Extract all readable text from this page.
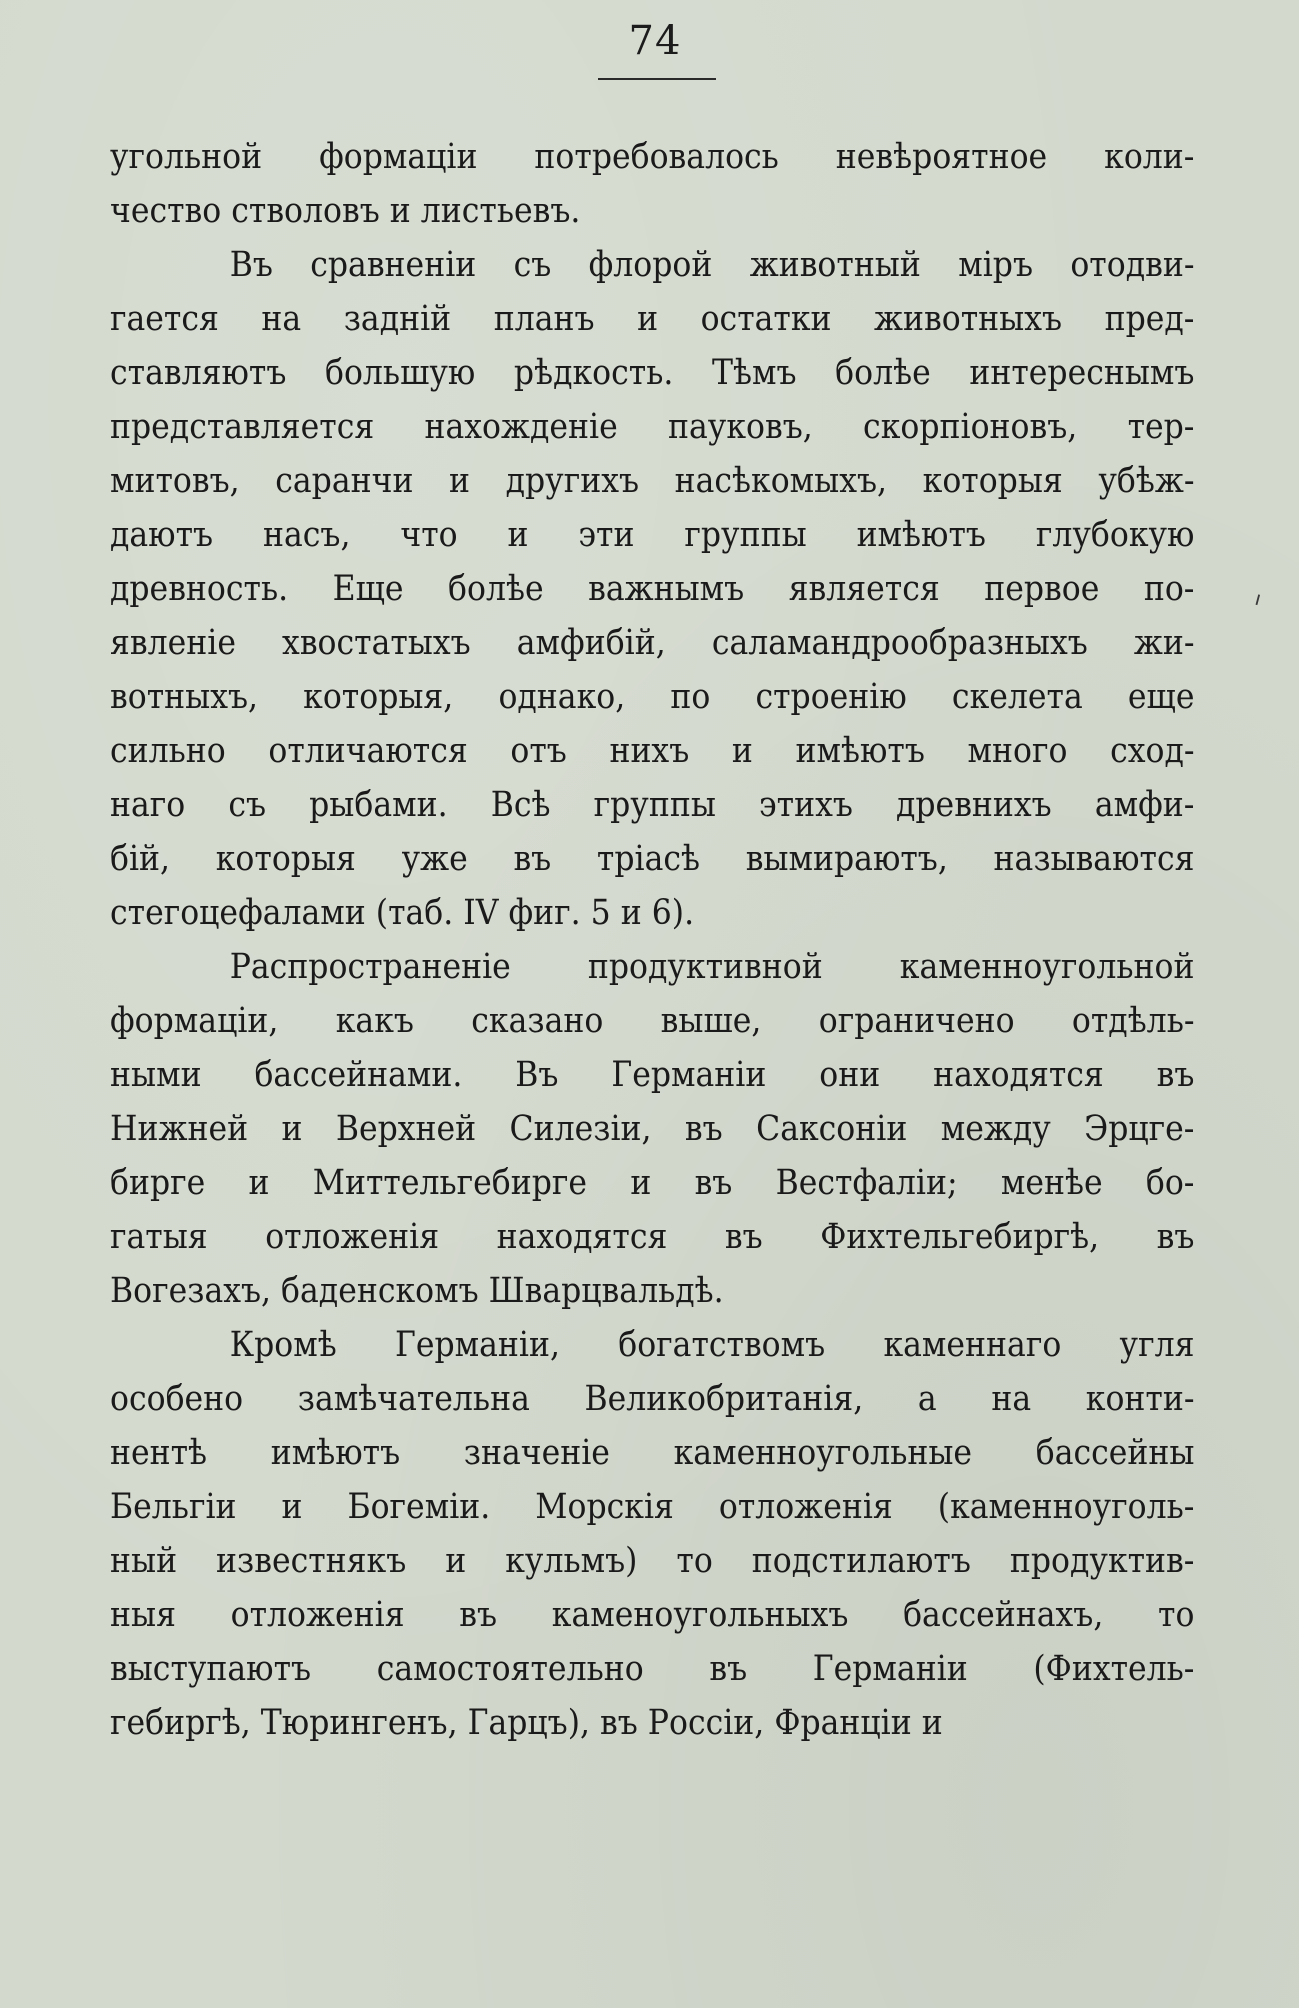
74
угольной формаціи потребовалось невѣроятное коли-
чество стволовъ и листьевъ.
Въ сравненіи съ флорой животный міръ отодви-
гается на задній планъ и остатки животныхъ пред-
ставляютъ большую рѣдкость. Тѣмъ болѣе интереснымъ
представляется нахожденіе пауковъ, скорпіоновъ, тер-
митовъ, саранчи и другихъ насѣкомыхъ, которыя убѣж-
даютъ насъ, что и эти группы имѣютъ глубокую
древность. Еще болѣе важнымъ является первое по-
явленіе хвостатыхъ амфибій, саламандрообразныхъ жи-
вотныхъ, которыя, однако, по строенію скелета еще
сильно отличаются отъ нихъ и имѣютъ много сход-
наго съ рыбами. Всѣ группы этихъ древнихъ амфи-
бій, которыя уже въ тріасѣ вымираютъ, называются
стегоцефалами (таб. IV фиг. 5 и 6).
Распространеніе продуктивной каменноугольной
формаціи, какъ сказано выше, ограничено отдѣль-
ными бассейнами. Въ Германіи они находятся въ
Нижней и Верхней Силезіи, въ Саксоніи между Эрцге-
бирге и Миттельгебирге и въ Вестфаліи; менѣе бо-
гатыя отложенія находятся въ Фихтельгебиргѣ, въ
Вогезахъ, баденскомъ Шварцвальдѣ.
Кромѣ Германіи, богатствомъ каменнаго угля
особено замѣчательна Великобританія, а на конти-
нентѣ имѣютъ значеніе каменноугольные бассейны
Бельгіи и Богеміи. Морскія отложенія (каменноуголь-
ный известнякъ и кульмъ) то подстилаютъ продуктив-
ныя отложенія въ каменоугольныхъ бассейнахъ, то
выступаютъ самостоятельно въ Германіи (Фихтель-
гебиргѣ, Тюрингенъ, Гарцъ), въ Россіи, Франціи и
ᐟ
